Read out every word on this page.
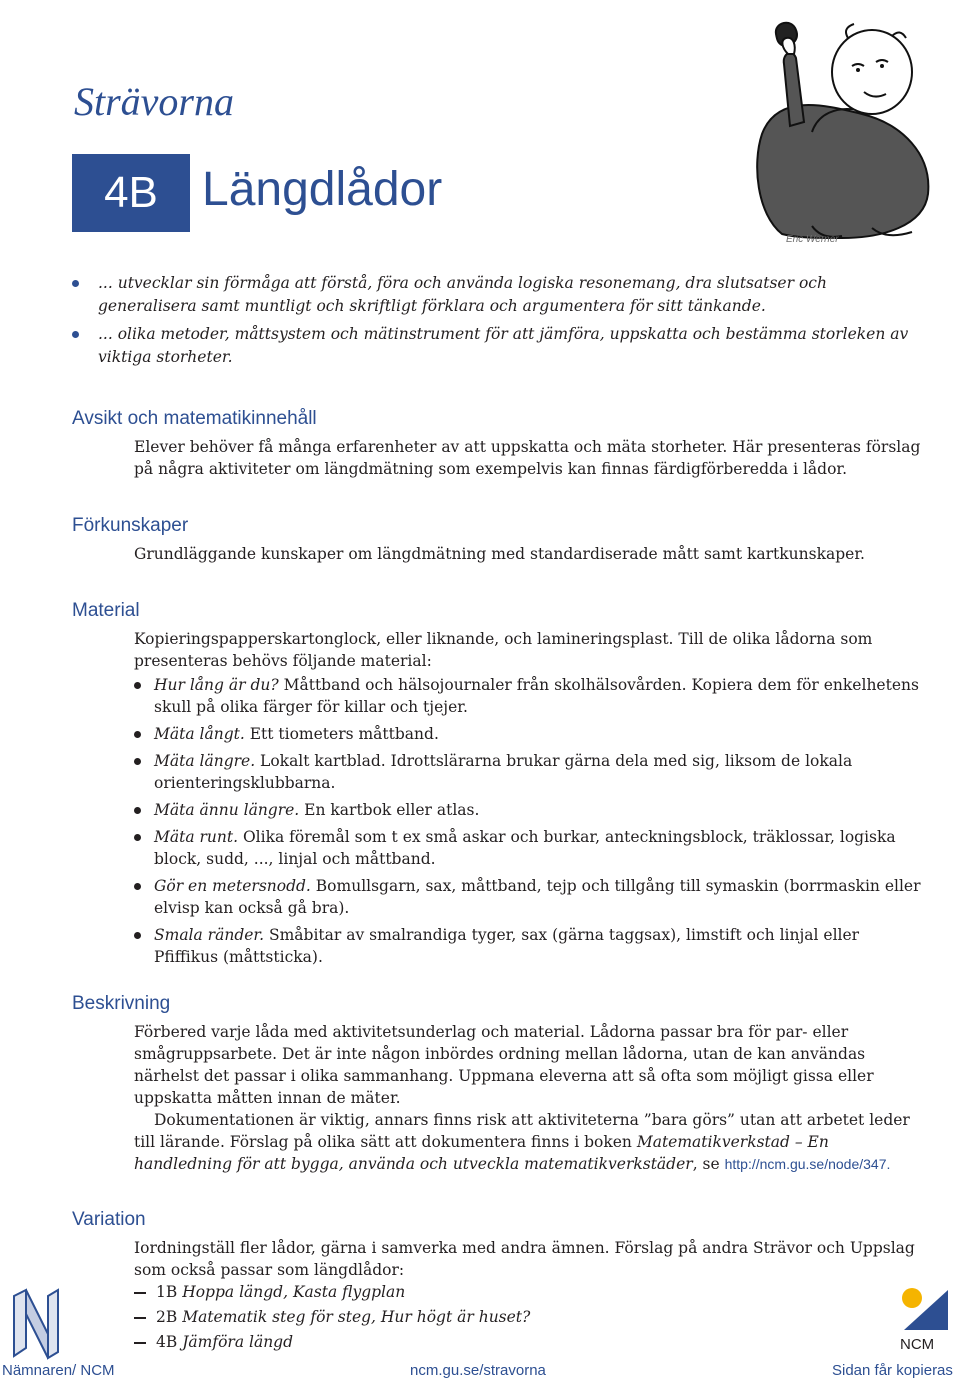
Strävorna
4B Längdlådor
Eric Werner
... utvecklar sin förmåga att förstå, föra och använda logiska resonemang, dra slutsatser och generalisera samt muntligt och skriftligt förklara och argumentera för sitt tänkande.
... olika metoder, måttsystem och mätinstrument för att jämföra, uppskatta och bestämma storleken av viktiga storheter.
Avsikt och matematikinnehåll
Elever behöver få många erfarenheter av att uppskatta och mäta storheter. Här presenteras förslag på några aktiviteter om längdmätning som exempelvis kan finnas färdigförberedda i lådor.
Förkunskaper
Grundläggande kunskaper om längdmätning med standardiserade mått samt kartkunskaper.
Material
Kopieringspapperskartonglock, eller liknande, och lamineringsplast. Till de olika lådorna som presenteras behövs följande material:
Hur lång är du? Måttband och hälsojournaler från skolhälsovården. Kopiera dem för enkelhetens skull på olika färger för killar och tjejer.
Mäta långt. Ett tiometers måttband.
Mäta längre. Lokalt kartblad. Idrottslärarna brukar gärna dela med sig, liksom de lokala orienteringsklubbarna.
Mäta ännu längre. En kartbok eller atlas.
Mäta runt. Olika föremål som t ex små askar och burkar, anteckningsblock, träklossar, logiska block, sudd, ..., linjal och måttband.
Gör en metersnodd. Bomullsgarn, sax, måttband, tejp och tillgång till symaskin (borrmaskin eller elvisp kan också gå bra).
Smala ränder. Småbitar av smalrandiga tyger, sax (gärna taggsax), limstift och linjal eller Pfiffikus (måttsticka).
Beskrivning
Förbered varje låda med aktivitetsunderlag och material. Lådorna passar bra för par- eller smågruppsarbete. Det är inte någon inbördes ordning mellan lådorna, utan de kan användas närhelst det passar i olika sammanhang. Uppmana eleverna att så ofta som möjligt gissa eller uppskatta måtten innan de mäter.
Dokumentationen är viktig, annars finns risk att aktiviteterna ”bara görs” utan att arbetet leder till lärande. Förslag på olika sätt att dokumentera finns i boken Matematikverkstad – En handledning för att bygga, använda och utveckla matematikverkstäder, se http://ncm.gu.se/node/347.
Variation
Iordningställ fler lådor, gärna i samverka med andra ämnen. Förslag på andra Strävor och Uppslag som också passar som längdlådor:
1B Hoppa längd, Kasta flygplan
2B Matematik steg för steg, Hur högt är huset?
4B Jämföra längd	NCM
Nämnaren/ NCM	ncm.gu.se/stravorna	Sidan får kopieras
